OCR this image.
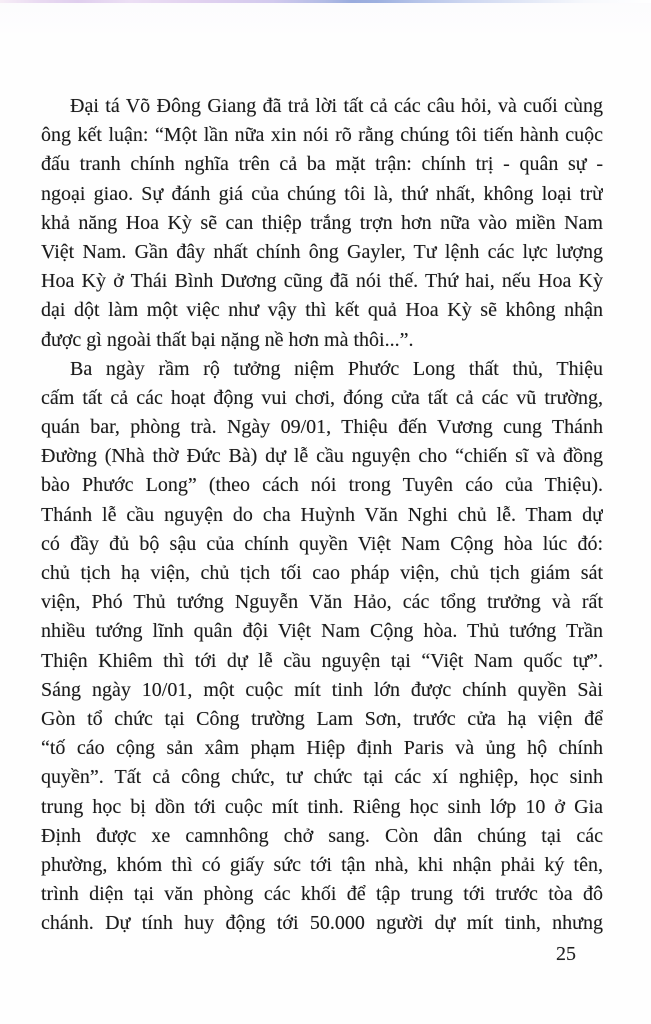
Đại tá Võ Đông Giang đã trả lời tất cả các câu hỏi, và cuối cùng
ông kết luận: “Một lần nữa xin nói rõ rằng chúng tôi tiến hành cuộc
đấu tranh chính nghĩa trên cả ba mặt trận: chính trị - quân sự -
ngoại giao. Sự đánh giá của chúng tôi là, thứ nhất, không loại trừ
khả năng Hoa Kỳ sẽ can thiệp trắng trợn hơn nữa vào miền Nam
Việt Nam. Gần đây nhất chính ông Gayler, Tư lệnh các lực lượng
Hoa Kỳ ở Thái Bình Dương cũng đã nói thế. Thứ hai, nếu Hoa Kỳ
dại dột làm một việc như vậy thì kết quả Hoa Kỳ sẽ không nhận
được gì ngoài thất bại nặng nề hơn mà thôi...”.
Ba ngày rầm rộ tưởng niệm Phước Long thất thủ, Thiệu
cấm tất cả các hoạt động vui chơi, đóng cửa tất cả các vũ trường,
quán bar, phòng trà. Ngày 09/01, Thiệu đến Vương cung Thánh
Đường (Nhà thờ Đức Bà) dự lễ cầu nguyện cho “chiến sĩ và đồng
bào Phước Long” (theo cách nói trong Tuyên cáo của Thiệu).
Thánh lễ cầu nguyện do cha Huỳnh Văn Nghi chủ lễ. Tham dự
có đầy đủ bộ sậu của chính quyền Việt Nam Cộng hòa lúc đó:
chủ tịch hạ viện, chủ tịch tối cao pháp viện, chủ tịch giám sát
viện, Phó Thủ tướng Nguyễn Văn Hảo, các tổng trưởng và rất
nhiều tướng lĩnh quân đội Việt Nam Cộng hòa. Thủ tướng Trần
Thiện Khiêm thì tới dự lễ cầu nguyện tại “Việt Nam quốc tự”.
Sáng ngày 10/01, một cuộc mít tinh lớn được chính quyền Sài
Gòn tổ chức tại Công trường Lam Sơn, trước cửa hạ viện để
“tố cáo cộng sản xâm phạm Hiệp định Paris và ủng hộ chính
quyền”. Tất cả công chức, tư chức tại các xí nghiệp, học sinh
trung học bị dồn tới cuộc mít tinh. Riêng học sinh lớp 10 ở Gia
Định được xe camnhông chở sang. Còn dân chúng tại các
phường, khóm thì có giấy sức tới tận nhà, khi nhận phải ký tên,
trình diện tại văn phòng các khối để tập trung tới trước tòa đô
chánh. Dự tính huy động tới 50.000 người dự mít tinh, nhưng
25
